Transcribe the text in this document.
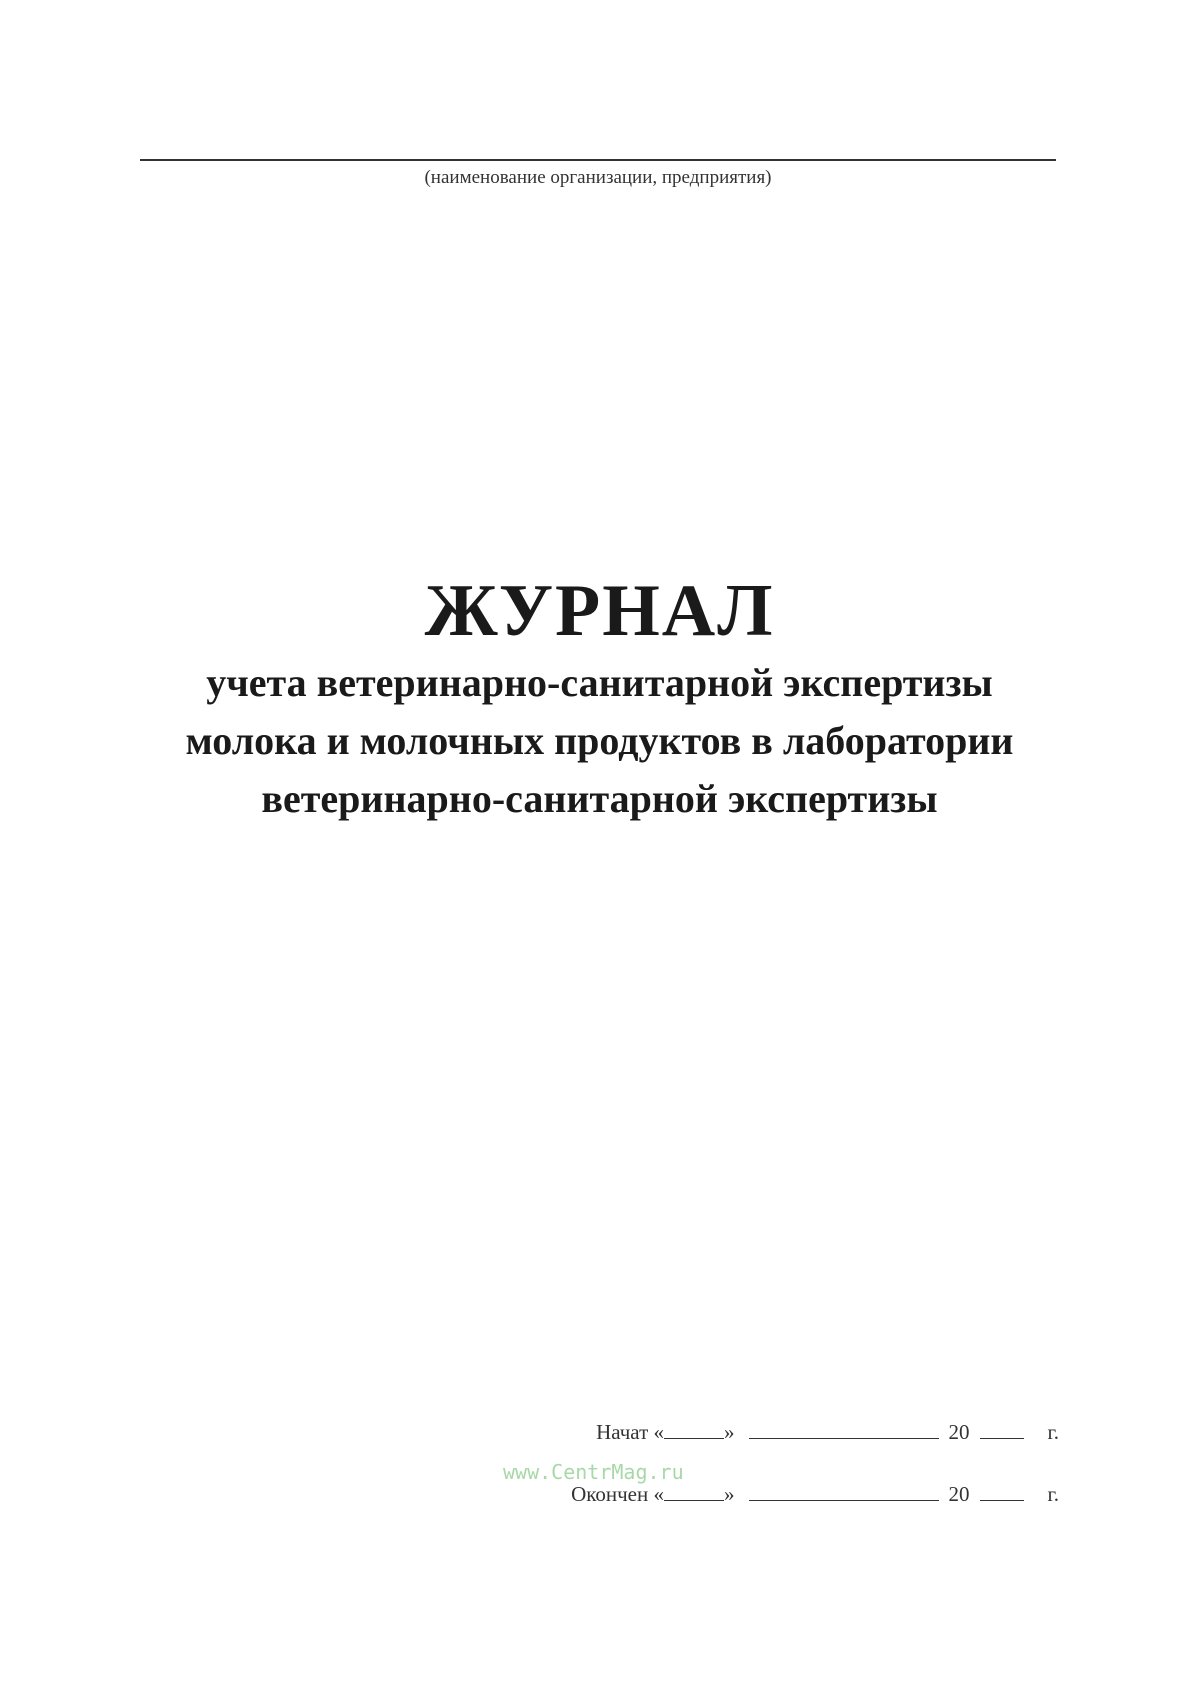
(наименование организации, предприятия)
ЖУРНАЛ
учета ветеринарно-санитарной экспертизы
молока и молочных продуктов в лаборатории
ветеринарно-санитарной экспертизы
Начат «	»	20	г.
Окончен «	»	20	г.
www.CentrMag.ru
